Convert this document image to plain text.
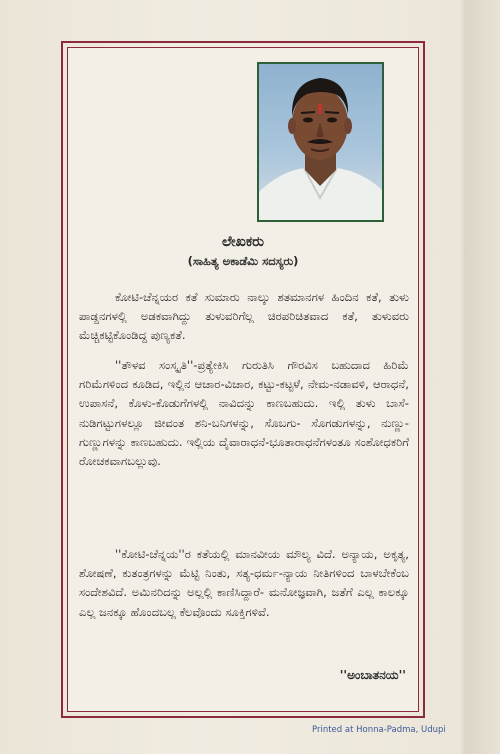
ಲೇಖಕರು
(ಸಾಹಿತ್ಯ ಅಕಾಡೆಮಿ ಸದಸ್ಯರು)

ಕೋಟಿ-ಚೆನ್ನಯರ ಕತೆ ಸುಮಾರು ನಾಲ್ಕು ಶತಮಾನಗಳ ಹಿಂದಿನ ಕತೆ, ತುಳು ಪಾಡ್ದನಗಳಲ್ಲಿ ಅಡಕವಾಗಿದ್ದು ತುಳುವರಿಗೆಲ್ಲ ಚಿರಪರಿಚಿತವಾದ ಕತೆ, ತುಳುವರು ಮೆಚ್ಚಿಕಟ್ಟಿಕೊಂಡಿದ್ದ ಪುಣ್ಯಕತೆ.

''ತೌಳವ ಸಂಸ್ಕೃತಿ''-ಪ್ರತ್ಯೇಕಿಸಿ ಗುರುತಿಸಿ ಗೌರವಿಸ ಬಹುದಾದ ಹಿರಿಮೆ ಗರಿಮೆಗಳಿಂದ ಕೂಡಿದ, ಇಲ್ಲಿನ ಆಚಾರ-ವಿಚಾರ, ಕಟ್ಟು-ಕಟ್ಟಳೆ, ನೇಮ-ನಡಾವಳಿ, ಆರಾಧನೆ, ಉಪಾಸನೆ, ಕೊಳು-ಕೊಡುಗೆಗಳಲ್ಲಿ ನಾವಿದನ್ನು ಕಾಣಬಹುದು. ಇಲ್ಲಿ ತುಳು ಬಾಸೆ-ನುಡಿಗಟ್ಟುಗಳಲ್ಲೂ ಜೀವಂತ ಶನಿ-ಬನಿಗಳನ್ನು, ಸೊಬಗು- ಸೊಗಡುಗಳನ್ನು, ನುಣ್ಣು-ಗುಣ್ಣುಗಳನ್ನು ಕಾಣಬಹುದು. ಇಲ್ಲಿಯ ದೈವಾರಾಧನೆ-ಭೂತಾರಾಧನೆಗಳಂತೂ ಸಂಶೋಧಕರಿಗೆ ರೋಚಕವಾಗಬಲ್ಲುವು.

''ಕೋಟಿ-ಚೆನ್ನಯ''ರ ಕತೆಯಲ್ಲಿ ಮಾನವೀಯ ಮೌಲ್ಯ ವಿದೆ. ಅನ್ಯಾಯ, ಅಕೃತ್ಯ, ಶೋಷಣೆ, ಕುತಂತ್ರಗಳನ್ನು ಮೆಟ್ಟಿ ನಿಂತು, ಸತ್ಯ-ಧರ್ಮ-ನ್ಯಾಯ ನೀತಿಗಳಿಂದ ಬಾಳಬೇಕೆಂಬ ಸಂದೇಶವಿದೆ. ಅಮಿನರಿದನ್ನು ಅಲ್ಲಲ್ಲಿ ಕಾಣಿಸಿದ್ದಾರೆ- ಮನೋಜ್ಞವಾಗಿ, ಜತೆಗೆ ಎಲ್ಲ ಕಾಲಕ್ಕೂ ಎಲ್ಲ ಜನಕ್ಕೂ ಹೊಂದಬಲ್ಲ ಕೆಲವೊಂದು ಸೂಕ್ತಿಗಳಿವೆ.

''ಅಂಬಾತನಯ''
Printed at Honna-Padma, Udupi
